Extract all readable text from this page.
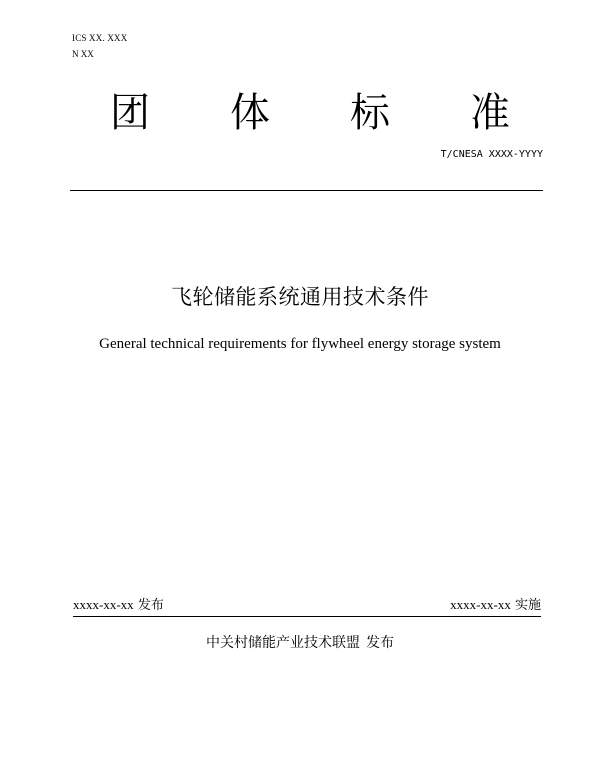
ICS XX. XXX
N XX
团 体 标 准
T/CNESA XXXX-YYYY
飞轮储能系统通用技术条件
General technical requirements for flywheel energy storage system
xxxx-xx-xx 发布	xxxx-xx-xx 实施
中关村储能产业技术联盟 发布
